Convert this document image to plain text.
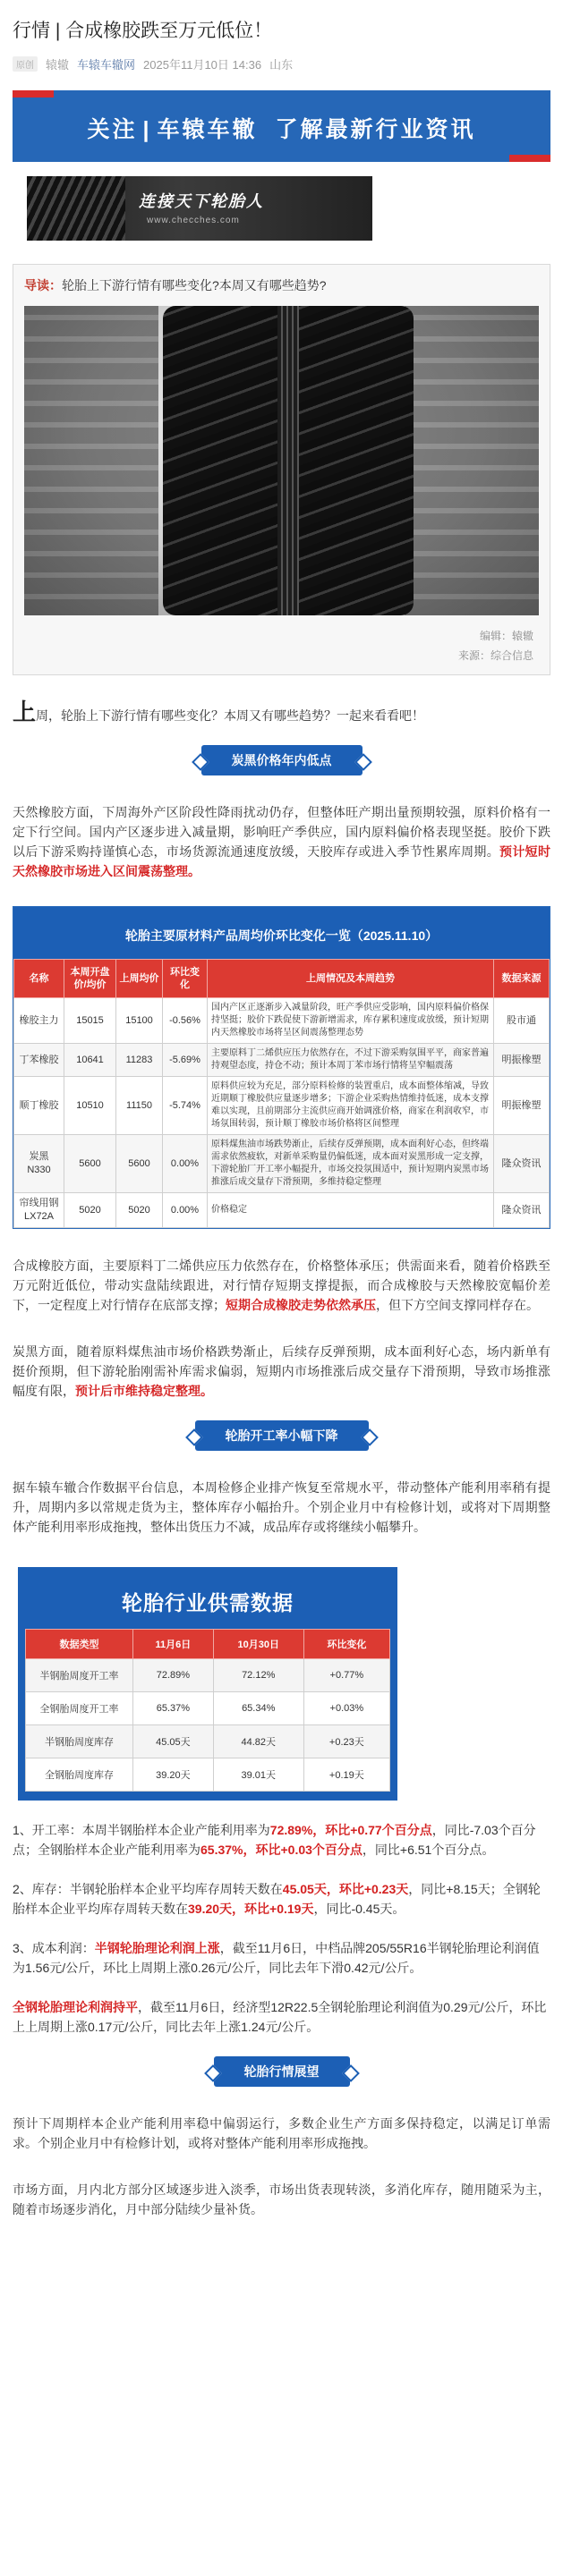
行情 | 合成橡胶跌至万元低位！
原创	辕辙 车辕车辙网 2025年11月10日 14:36 山东
关注 | 车辕车辙 了解最新行业资讯
连接天下轮胎人
www.checches.com
导读：轮胎上下游行情有哪些变化?本周又有哪些趋势?
编辑：辕辙
来源：综合信息
上周，轮胎上下游行情有哪些变化？本周又有哪些趋势？一起来看看吧！
炭黑价格年内低点
天然橡胶方面，下周海外产区阶段性降雨扰动仍存，但整体旺产期出量预期较强，原料价格有一定下行空间。国内产区逐步进入减量期，影响旺产季供应，国内原料偏价格表现坚挺。胶价下跌以后下游采购持谨慎心态，市场货源流通速度放缓，天胶库存或进入季节性累库周期。预计短时天然橡胶市场进入区间震荡整理。
轮胎主要原材料产品周均价环比变化一览（2025.11.10）
名称	本周开盘价/均价	上周均价	环比变化	上周情况及本周趋势	数据来源
橡胶主力	15015	15100	-0.56%	国内产区正逐渐步入减量阶段，旺产季供应受影响，国内原料偏价格保持坚挺；胶价下跌促使下游新增需求，库存累积速度或放缓，预计短期内天然橡胶市场将呈区间震荡整理态势	股市通
丁苯橡胶	10641	11283	-5.69%	主要原料丁二烯供应压力依然存在，不过下游采购氛围平平，商家普遍持观望态度，持仓不动；预计本周丁苯市场行情将呈窄幅震荡	明振橡塑
顺丁橡胶	10510	11150	-5.74%	原料供应较为充足，部分原料检修的装置重启，成本面整体缩减，导致近期顺丁橡胶供应量逐步增多；下游企业采购热情维持低迷，成本支撑难以实现，且前期部分主流供应商开始调涨价格，商家在利润收窄，市场氛围转弱，预计顺丁橡胶市场价格将区间整理	明振橡塑
炭黑N330	5600	5600	0.00%	原料煤焦油市场跌势渐止，后续存反弹预期，成本面利好心态，但终端需求依然疲软，对新单采购量仍偏低迷，成本面对炭黑形成一定支撑，下游轮胎厂开工率小幅提升，市场交投氛围适中，预计短期内炭黑市场推涨后成交量存下滑预期，多维持稳定整理	隆众资讯
帘线用钢LX72A	5020	5020	0.00%	价格稳定	隆众资讯
合成橡胶方面，主要原料丁二烯供应压力依然存在，价格整体承压；供需面来看，随着价格跌至万元附近低位，带动实盘陆续跟进，对行情存短期支撑提振，而合成橡胶与天然橡胶宽幅价差下，一定程度上对行情存在底部支撑；短期合成橡胶走势依然承压，但下方空间支撑同样存在。
炭黑方面，随着原料煤焦油市场价格跌势渐止，后续存反弹预期，成本面利好心态，场内新单有挺价预期，但下游轮胎刚需补库需求偏弱，短期内市场推涨后成交量存下滑预期，导致市场推涨幅度有限，预计后市维持稳定整理。
轮胎开工率小幅下降
据车辕车辙合作数据平台信息，本周检修企业排产恢复至常规水平，带动整体产能利用率稍有提升，周期内多以常规走货为主，整体库存小幅抬升。个别企业月中有检修计划，或将对下周期整体产能利用率形成拖拽，整体出货压力不减，成品库存或将继续小幅攀升。
轮胎行业供需数据
数据类型	11月6日	10月30日	环比变化
半钢胎周度开工率	72.89%	72.12%	+0.77%
全钢胎周度开工率	65.37%	65.34%	+0.03%
半钢胎周度库存	45.05天	44.82天	+0.23天
全钢胎周度库存	39.20天	39.01天	+0.19天
1、开工率：本周半钢胎样本企业产能利用率为72.89%，环比+0.77个百分点，同比-7.03个百分点；全钢胎样本企业产能利用率为65.37%，环比+0.03个百分点，同比+6.51个百分点。
2、库存：半钢轮胎样本企业平均库存周转天数在45.05天，环比+0.23天，同比+8.15天；全钢轮胎样本企业平均库存周转天数在39.20天，环比+0.19天，同比-0.45天。
3、成本利润：半钢轮胎理论利润上涨，截至11月6日，中档品牌205/55R16半钢轮胎理论利润值为1.56元/公斤，环比上周期上涨0.26元/公斤，同比去年下滑0.42元/公斤。
全钢轮胎理论利润持平，截至11月6日，经济型12R22.5全钢轮胎理论利润值为0.29元/公斤，环比上上周期上涨0.17元/公斤，同比去年上涨1.24元/公斤。
轮胎行情展望
预计下周期样本企业产能利用率稳中偏弱运行，多数企业生产方面多保持稳定，以满足订单需求。个别企业月中有检修计划，或将对整体产能利用率形成拖拽。
市场方面，月内北方部分区域逐步进入淡季，市场出货表现转淡，多消化库存，随用随采为主，随着市场逐步消化，月中部分陆续少量补货。
